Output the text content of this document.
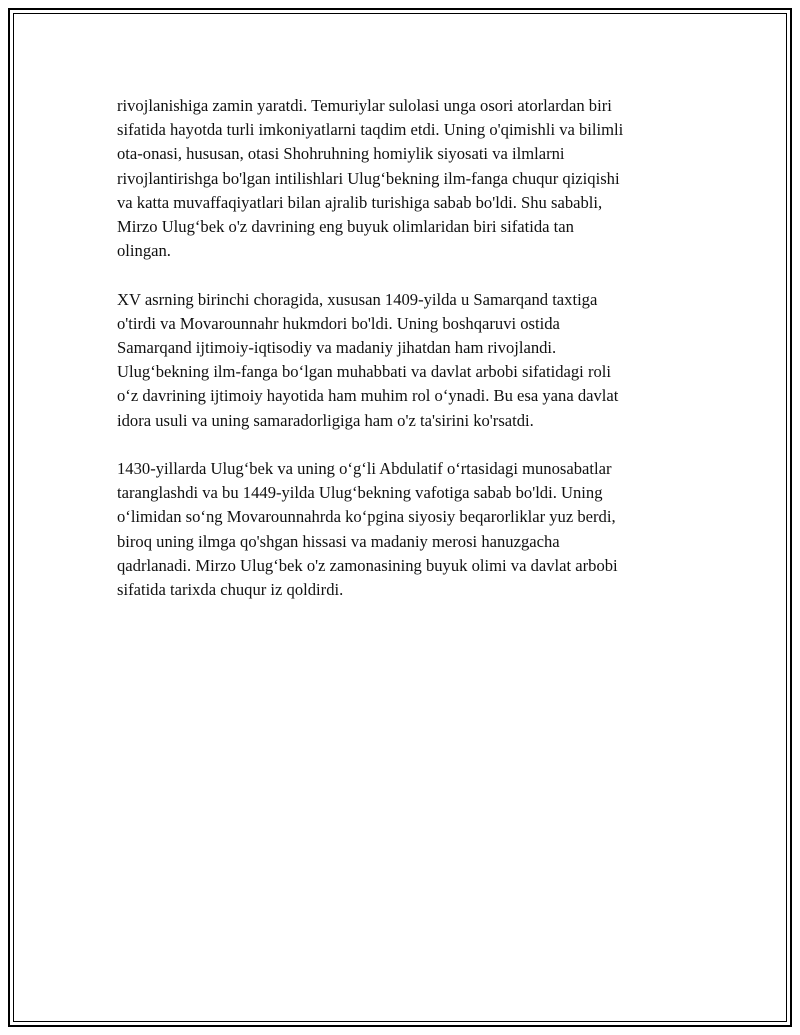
rivojlanishiga zamin yaratdi. Temuriylar sulolasi unga osori atorlardan biri
sifatida hayotda turli imkoniyatlarni taqdim etdi. Uning o'qimishli va bilimli
ota-onasi, hususan, otasi Shohruhning homiylik siyosati va ilmlarni
rivojlantirishga bo'lgan intilishlari Ulug‘bekning ilm-fanga chuqur qiziqishi
va katta muvaffaqiyatlari bilan ajralib turishiga sabab bo'ldi. Shu sababli,
Mirzo Ulug‘bek o'z davrining eng buyuk olimlaridan biri sifatida tan
olingan.

XV asrning birinchi choragida, xususan 1409-yilda u Samarqand taxtiga
o'tirdi va Movarounnahr hukmdori bo'ldi. Uning boshqaruvi ostida
Samarqand ijtimoiy-iqtisodiy va madaniy jihatdan ham rivojlandi.
Ulug‘bekning ilm-fanga bo‘lgan muhabbati va davlat arbobi sifatidagi roli
o‘z davrining ijtimoiy hayotida ham muhim rol o‘ynadi. Bu esa yana davlat
idora usuli va uning samaradorligiga ham o'z ta'sirini ko'rsatdi.

1430-yillarda Ulug‘bek va uning o‘g‘li Abdulatif o‘rtasidagi munosabatlar
taranglashdi va bu 1449-yilda Ulug‘bekning vafotiga sabab bo'ldi. Uning
o‘limidan so‘ng Movarounnahrda ko‘pgina siyosiy beqarorliklar yuz berdi,
biroq uning ilmga qo'shgan hissasi va madaniy merosi hanuzgacha
qadrlanadi. Mirzo Ulug‘bek o'z zamonasining buyuk olimi va davlat arbobi
sifatida tarixda chuqur iz qoldirdi.
